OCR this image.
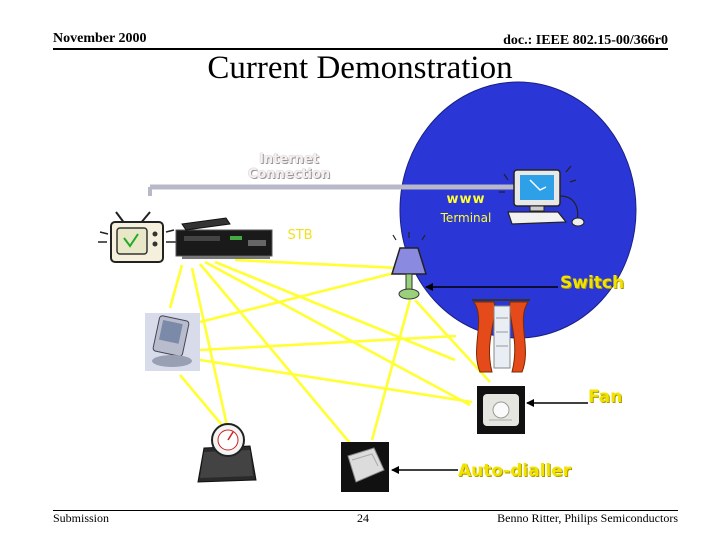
November 2000	doc.: IEEE 802.15-00/366r0
Current Demonstration
Internet Connection
www
Terminal
STB
Switch
Fan
Auto-dialler
Submission	24	Benno Ritter, Philips Semiconductors
